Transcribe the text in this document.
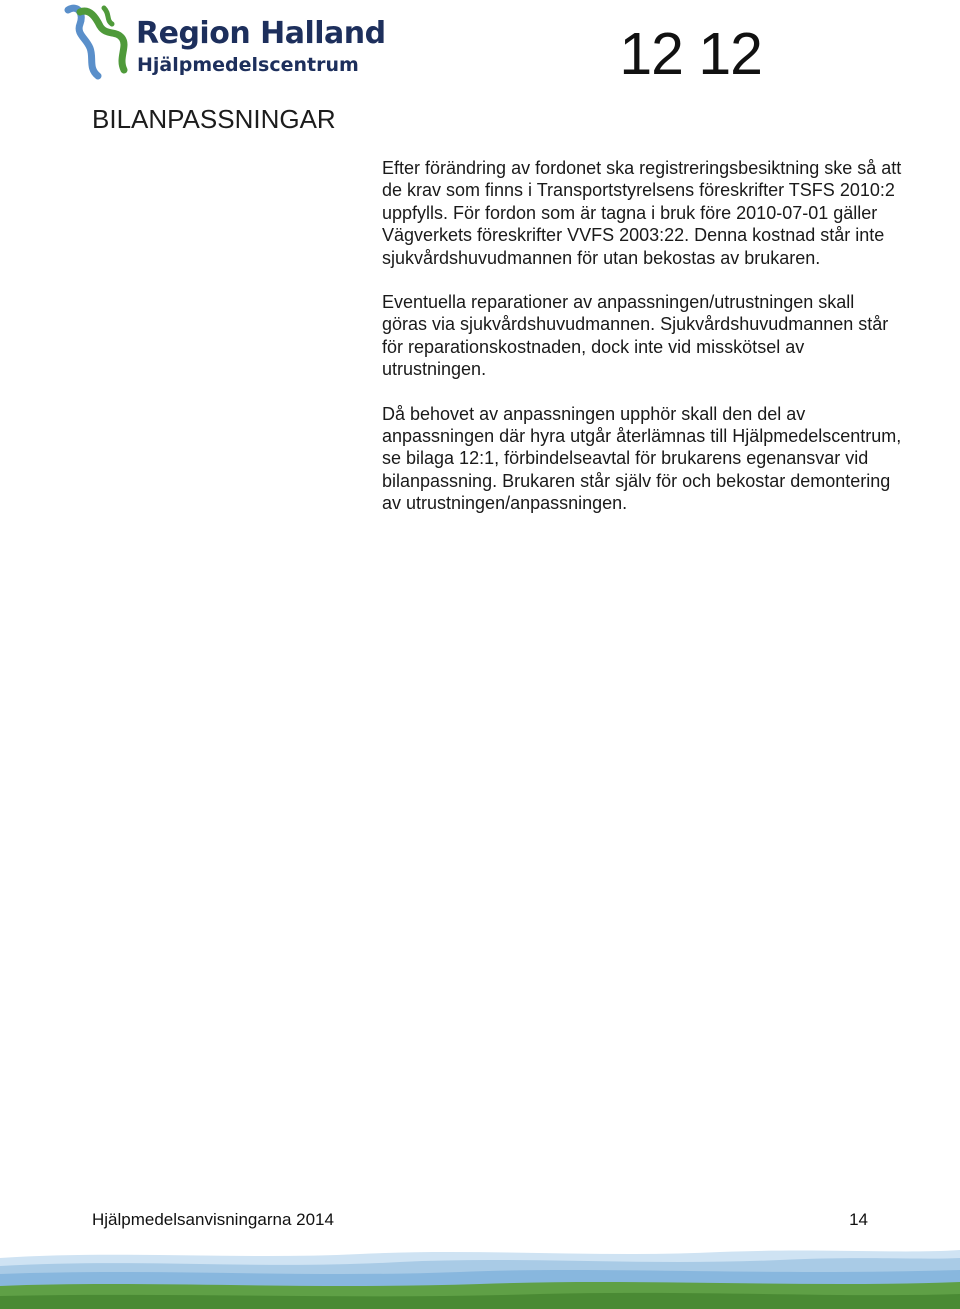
Region Halland
Hjälpmedelscentrum	12 12
BILANPASSNINGAR

Efter förändring av fordonet ska registreringsbesiktning ske så att de krav som finns i Transportstyrelsens föreskrifter TSFS 2010:2 uppfylls. För fordon som är tagna i bruk före 2010-07-01 gäller Vägverkets föreskrifter VVFS 2003:22. Denna kostnad står inte sjukvårdshuvudmannen för utan bekostas av brukaren.

Eventuella reparationer av anpassningen/utrustningen skall göras via sjukvårdshuvudmannen. Sjukvårdshuvudmannen står för reparationskostnaden, dock inte vid misskötsel av utrustningen.

Då behovet av anpassningen upphör skall den del av anpassningen där hyra utgår återlämnas till Hjälpmedelscentrum, se bilaga 12:1, förbindelseavtal för brukarens egenansvar vid bilanpassning. Brukaren står själv för och bekostar demontering av utrustningen/anpassningen.

Hjälpmedelsanvisningarna 2014	14
